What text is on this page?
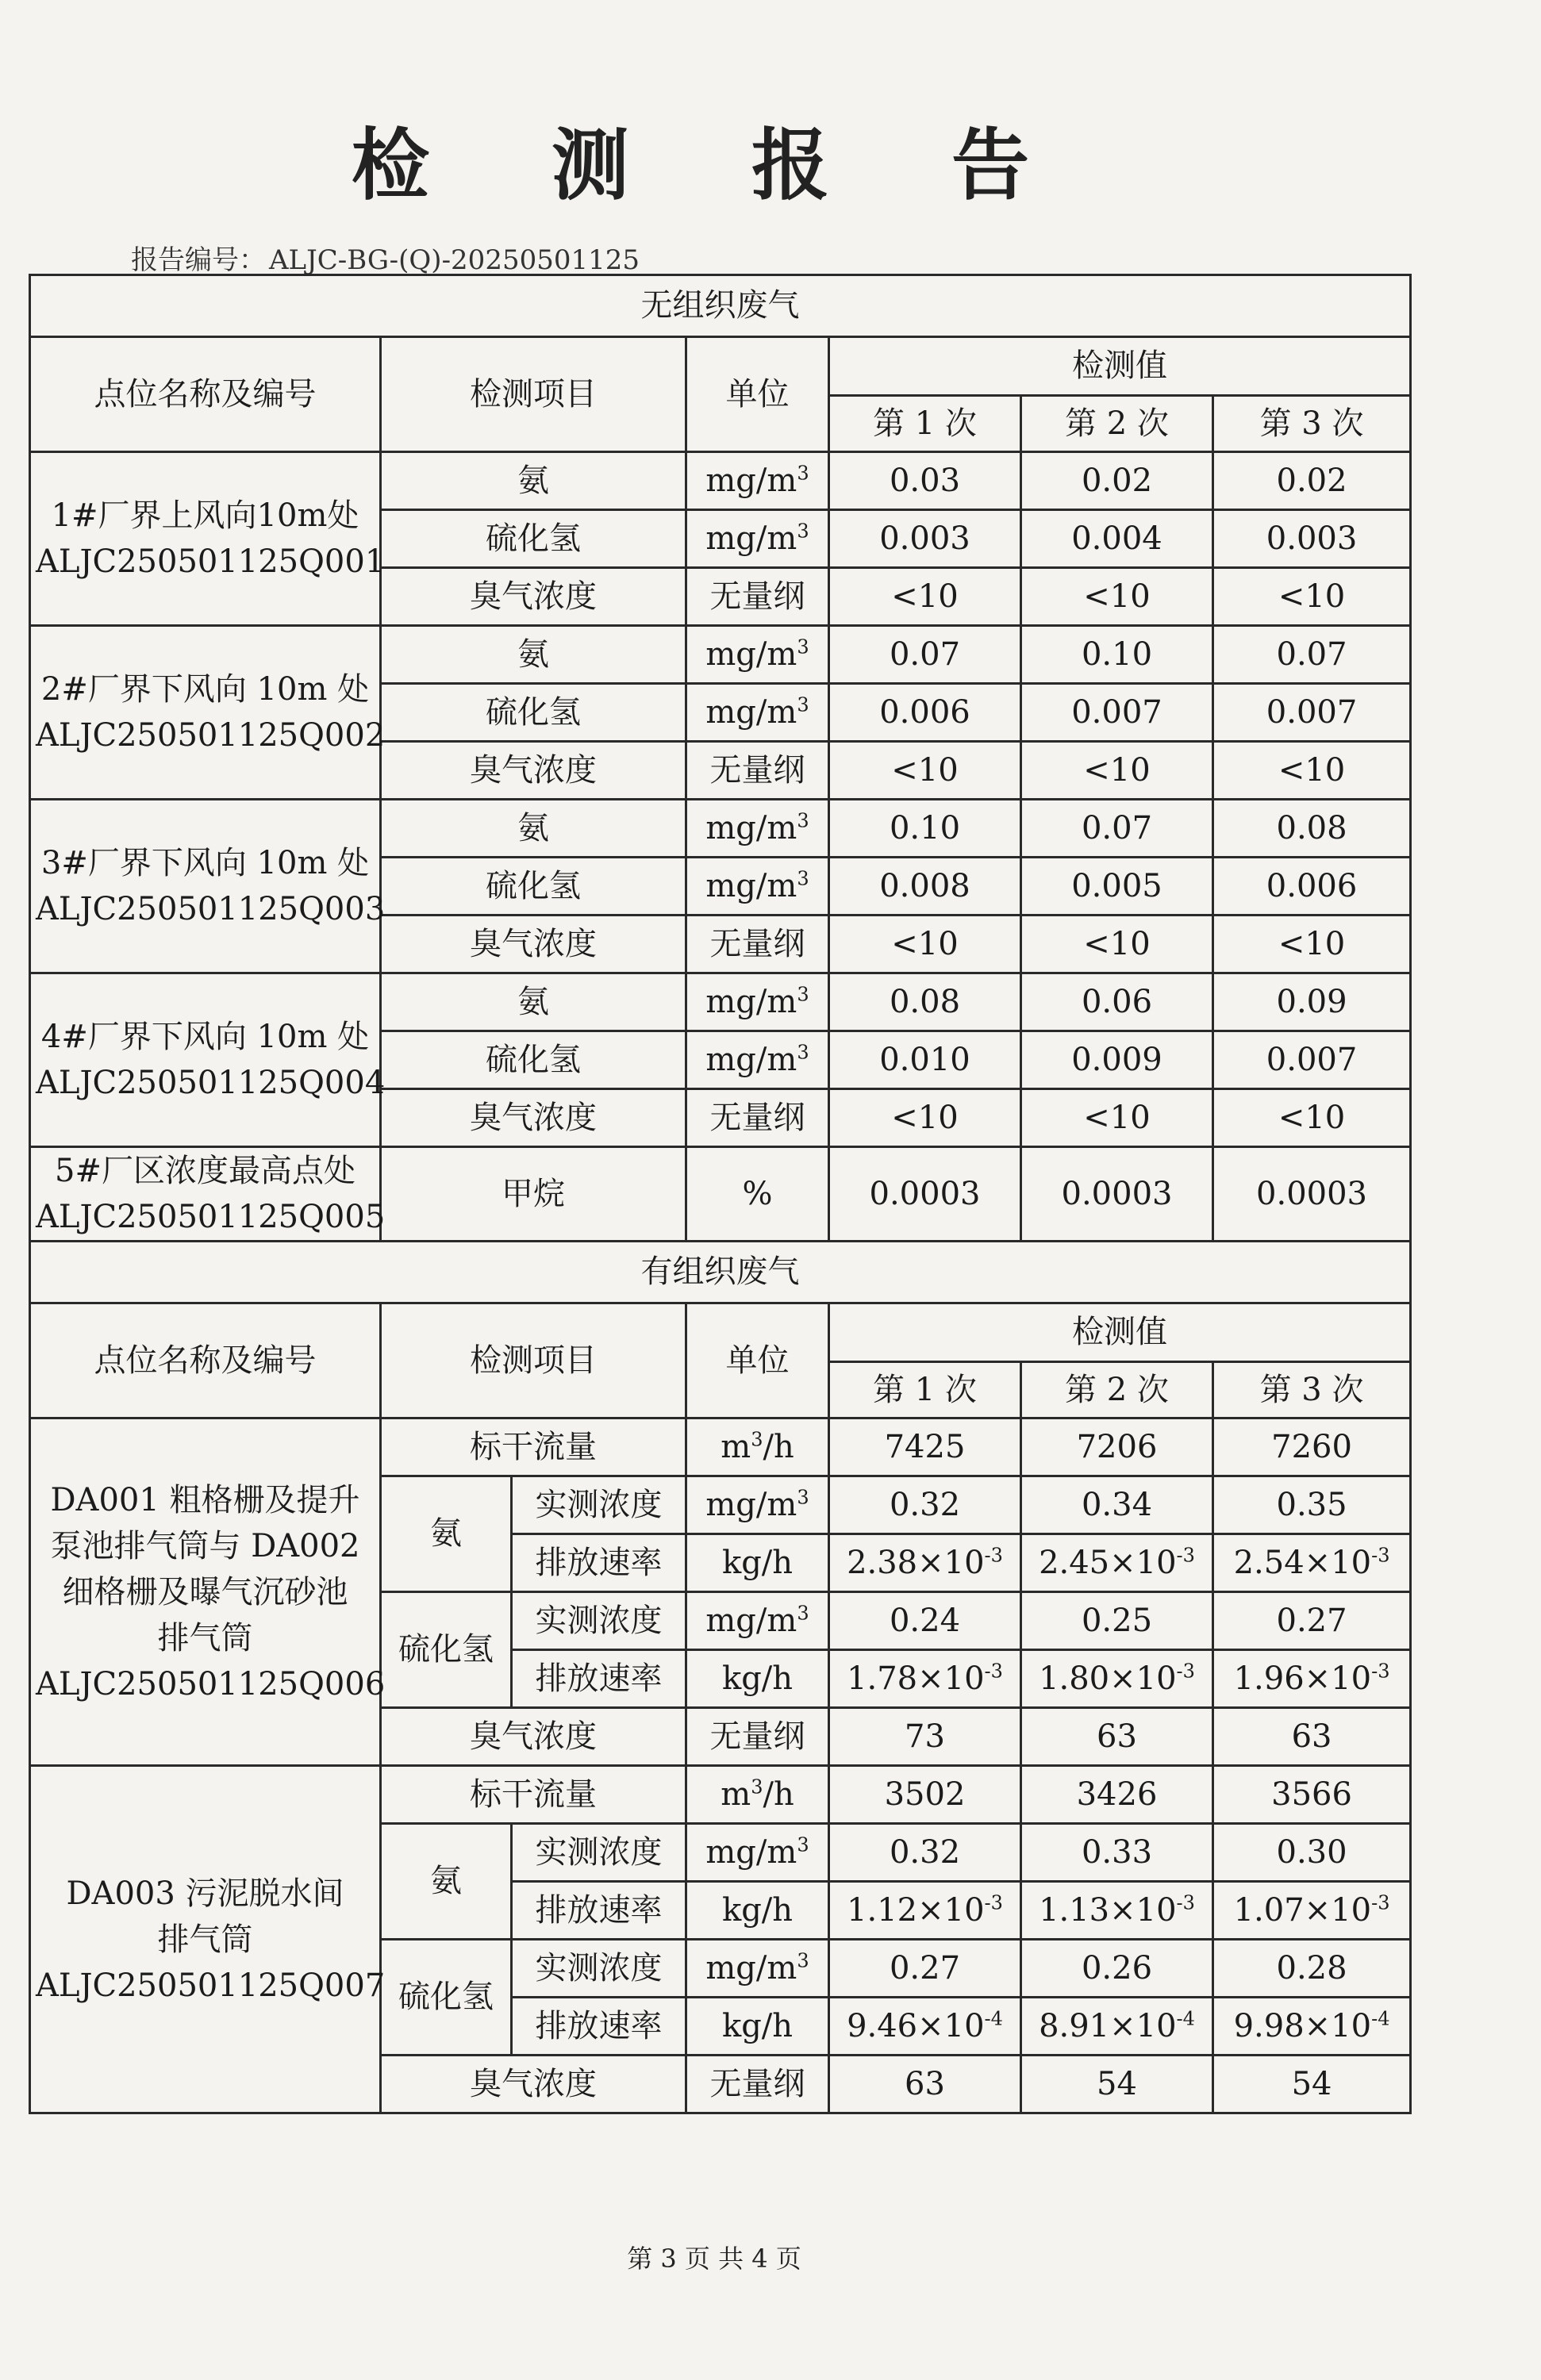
检 测 报 告
报告编号： ALJC-BG-(Q)-20250501125
无组织废气						
点位名称及编号	检测项目		单位	检测值		
				第 1 次	第 2 次	第 3 次

1#厂界上风向10m处
ALJC250501125Q001	氨		$mg/m^3$	0.03	0.02	0.02
	硫化氢		$mg/m^3$	0.003	0.004	0.003
	臭气浓度		无量纲	<10	<10	<10

2#厂界下风向 10m 处
ALJC250501125Q002	氨		$mg/m^3$	0.07	0.10	0.07
	硫化氢		$mg/m^3$	0.006	0.007	0.007
	臭气浓度		无量纲	<10	<10	<10

3#厂界下风向 10m 处
ALJC250501125Q003	氨		$mg/m^3$	0.10	0.07	0.08
	硫化氢		$mg/m^3$	0.008	0.005	0.006
	臭气浓度		无量纲	<10	<10	<10

4#厂界下风向 10m 处
ALJC250501125Q004	氨		$mg/m^3$	0.08	0.06	0.09
	硫化氢		$mg/m^3$	0.010	0.009	0.007
	臭气浓度		无量纲	<10	<10	<10

5#厂区浓度最高点处
ALJC250501125Q005	甲烷		%	0.0003	0.0003	0.0003
有组织废气						
点位名称及编号	检测项目		单位	检测值		
				第 1 次	第 2 次	第 3 次

DA001 粗格栅及提升
泵池排气筒与 DA002
细格栅及曝气沉砂池
排气筒
ALJC250501125Q006	标干流量		$m^3/h$	7425	7206	7260
	氨	实测浓度	$mg/m^3$	0.32	0.34	0.35
		排放速率	kg/h	$2.38\times 10^{-3}$	$2.45\times 10^{-3}$	$2.54\times 10^{-3}$
	硫化氢	实测浓度	$mg/m^3$	0.24	0.25	0.27
		排放速率	kg/h	$1.78\times 10^{-3}$	$1.80\times 10^{-3}$	$1.96\times 10^{-3}$
	臭气浓度		无量纲	73	63	63

DA003 污泥脱水间
排气筒
ALJC250501125Q007	标干流量		$m^3/h$	3502	3426	3566
	氨	实测浓度	$mg/m^3$	0.32	0.33	0.30
		排放速率	kg/h	$1.12\times 10^{-3}$	$1.13\times 10^{-3}$	$1.07\times 10^{-3}$
	硫化氢	实测浓度	$mg/m^3$	0.27	0.26	0.28
		排放速率	kg/h	$9.46\times 10^{-4}$	$8.91\times 10^{-4}$	$9.98\times 10^{-4}$
	臭气浓度		无量纲	63	54	54
第 3 页 共 4 页
